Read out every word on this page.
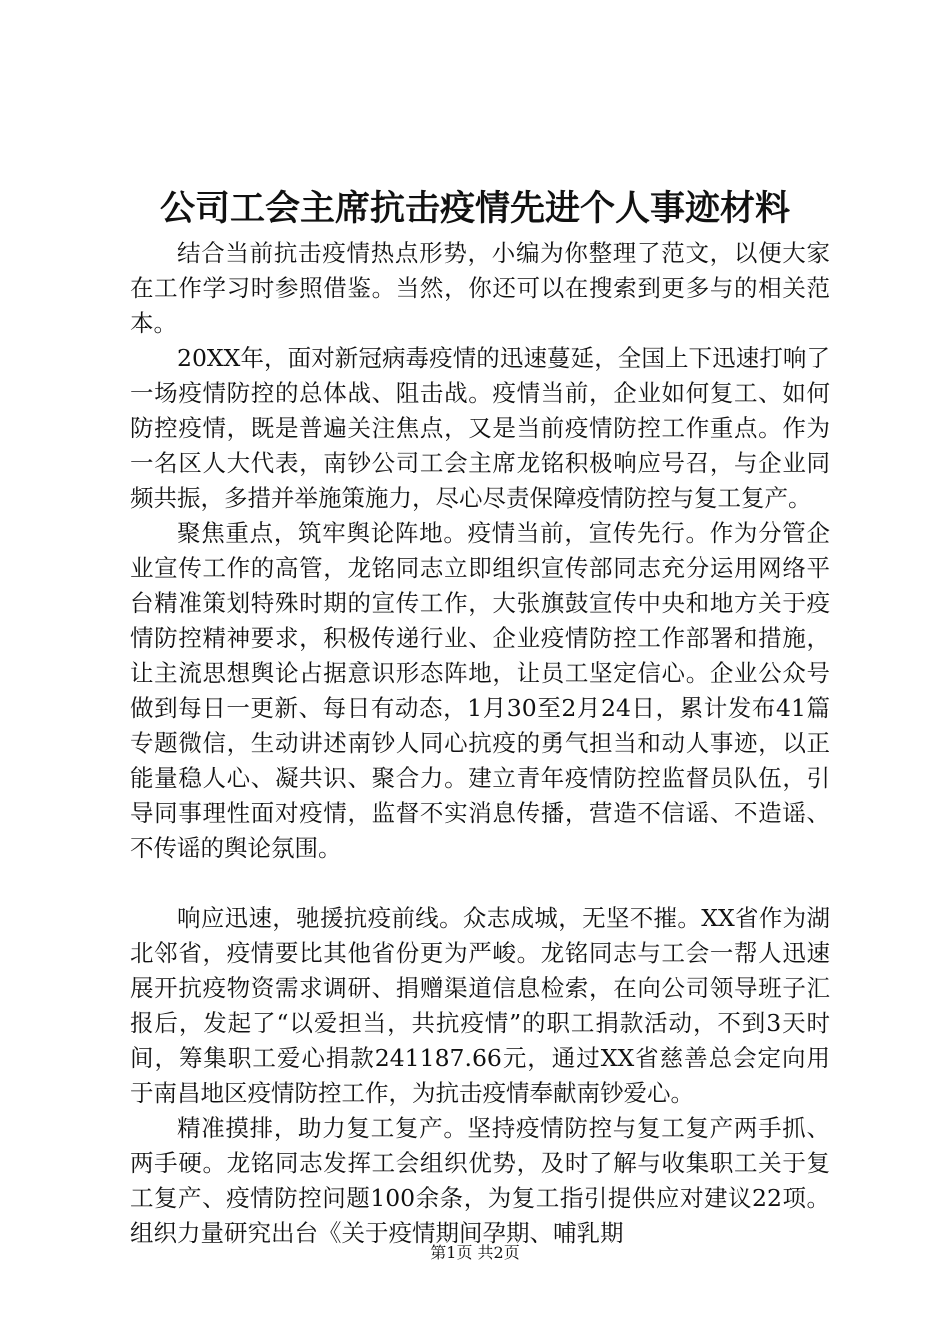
公司工会主席抗击疫情先进个人事迹材料

结合当前抗击疫情热点形势，小编为你整理了范文，以便大家在工作学习时参照借鉴。当然，你还可以在搜索到更多与的相关范本。

20XX年，面对新冠病毒疫情的迅速蔓延，全国上下迅速打响了一场疫情防控的总体战、阻击战。疫情当前，企业如何复工、如何防控疫情，既是普遍关注焦点，又是当前疫情防控工作重点。作为一名区人大代表，南钞公司工会主席龙铭积极响应号召，与企业同频共振，多措并举施策施力，尽心尽责保障疫情防控与复工复产。

聚焦重点，筑牢舆论阵地。疫情当前，宣传先行。作为分管企业宣传工作的高管，龙铭同志立即组织宣传部同志充分运用网络平台精准策划特殊时期的宣传工作，大张旗鼓宣传中央和地方关于疫情防控精神要求，积极传递行业、企业疫情防控工作部署和措施，让主流思想舆论占据意识形态阵地，让员工坚定信心。企业公众号做到每日一更新、每日有动态，1月30至2月24日，累计发布41篇专题微信，生动讲述南钞人同心抗疫的勇气担当和动人事迹，以正能量稳人心、凝共识、聚合力。建立青年疫情防控监督员队伍，引导同事理性面对疫情，监督不实消息传播，营造不信谣、不造谣、不传谣的舆论氛围。

响应迅速，驰援抗疫前线。众志成城，无坚不摧。XX省作为湖北邻省，疫情要比其他省份更为严峻。龙铭同志与工会一帮人迅速展开抗疫物资需求调研、捐赠渠道信息检索，在向公司领导班子汇报后，发起了“以爱担当，共抗疫情”的职工捐款活动，不到3天时间，筹集职工爱心捐款241187.66元，通过XX省慈善总会定向用于南昌地区疫情防控工作，为抗击疫情奉献南钞爱心。

精准摸排，助力复工复产。坚持疫情防控与复工复产两手抓、两手硬。龙铭同志发挥工会组织优势，及时了解与收集职工关于复工复产、疫情防控问题100余条，为复工指引提供应对建议22项。组织力量研究出台《关于疫情期间孕期、哺乳期

第1页 共2页
